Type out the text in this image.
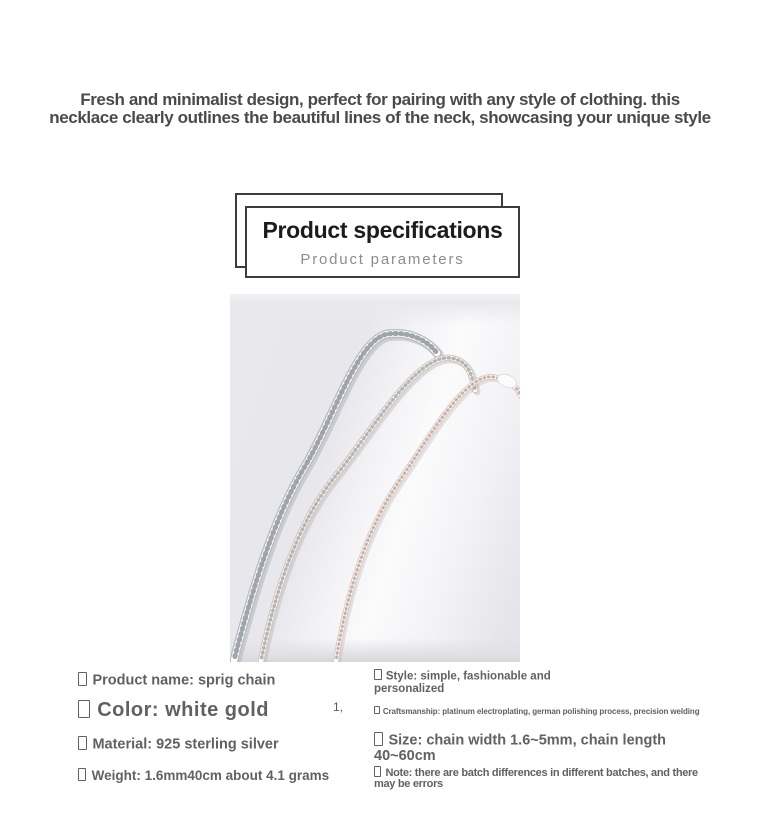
Fresh and minimalist design, perfect for pairing with any style of clothing. this
necklace clearly outlines the beautiful lines of the neck, showcasing your unique style
Product specifications
Product parameters
Product name: sprig chain
Color: white gold
Material: 925 sterling silver
Weight: 1.6mm40cm about 4.1 grams
1,
Style: simple, fashionable and personalized
Craftsmanship: platinum electroplating, german polishing process, precision welding
Size: chain width 1.6~5mm, chain length 40~60cm
Note: there are batch differences in different batches, and there may be errors
